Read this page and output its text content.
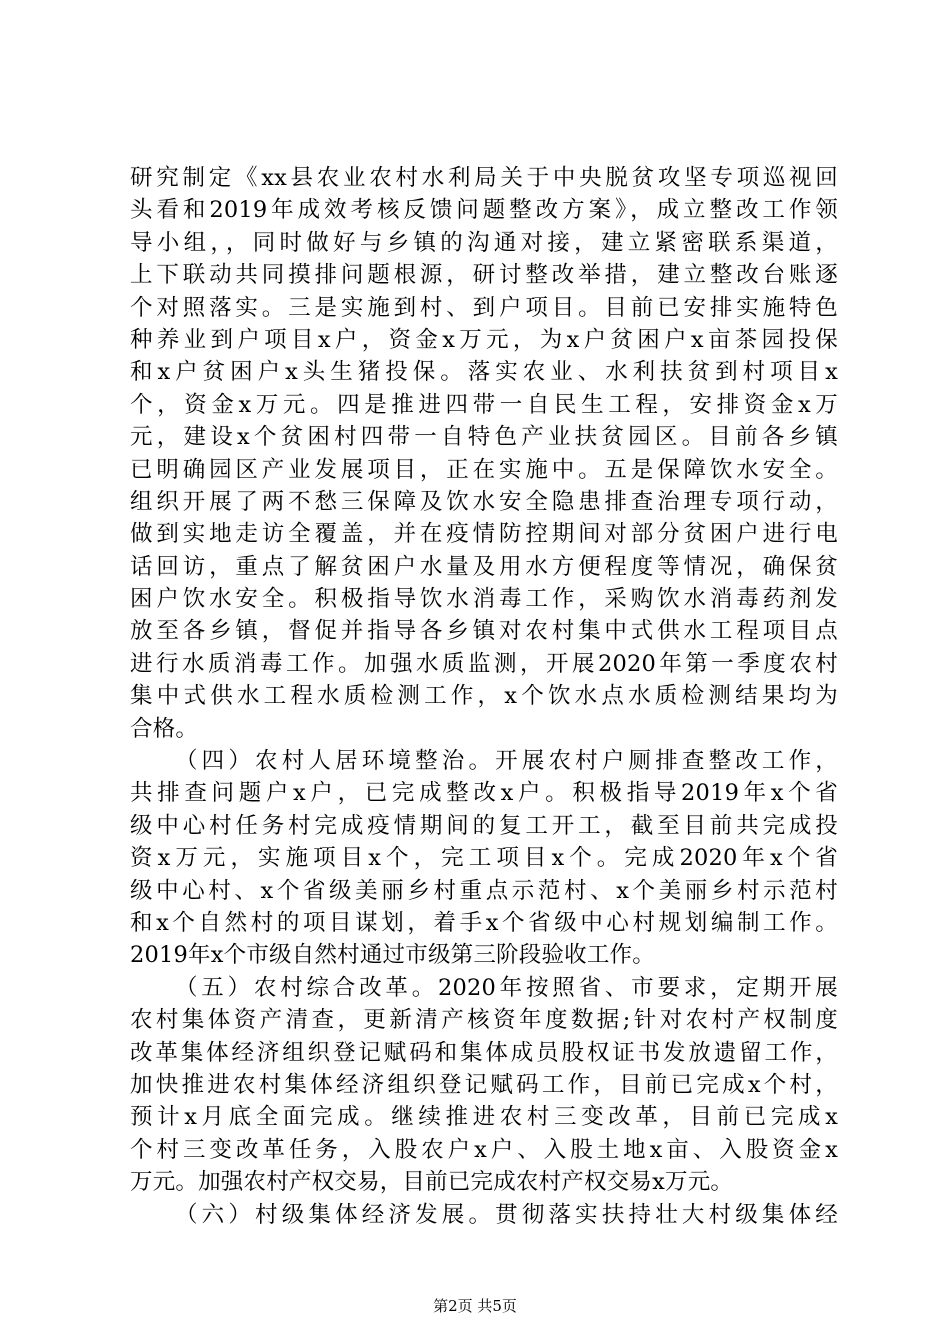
研究制定《xx县农业农村水利局关于中央脱贫攻坚专项巡视回
头看和2019年成效考核反馈问题整改方案》，成立整改工作领
导小组，，同时做好与乡镇的沟通对接，建立紧密联系渠道，
上下联动共同摸排问题根源，研讨整改举措，建立整改台账逐
个对照落实。三是实施到村、到户项目。目前已安排实施特色
种养业到户项目x户，资金x万元，为x户贫困户x亩茶园投保
和x户贫困户x头生猪投保。落实农业、水利扶贫到村项目x
个，资金x万元。四是推进四带一自民生工程，安排资金x万
元，建设x个贫困村四带一自特色产业扶贫园区。目前各乡镇
已明确园区产业发展项目，正在实施中。五是保障饮水安全。
组织开展了两不愁三保障及饮水安全隐患排查治理专项行动，
做到实地走访全覆盖，并在疫情防控期间对部分贫困户进行电
话回访，重点了解贫困户水量及用水方便程度等情况，确保贫
困户饮水安全。积极指导饮水消毒工作，采购饮水消毒药剂发
放至各乡镇，督促并指导各乡镇对农村集中式供水工程项目点
进行水质消毒工作。加强水质监测，开展2020年第一季度农村
集中式供水工程水质检测工作，x个饮水点水质检测结果均为
合格。
（四）农村人居环境整治。开展农村户厕排查整改工作，
共排查问题户x户，已完成整改x户。积极指导2019年x个省
级中心村任务村完成疫情期间的复工开工，截至目前共完成投
资x万元，实施项目x个，完工项目x个。完成2020年x个省
级中心村、x个省级美丽乡村重点示范村、x个美丽乡村示范村
和x个自然村的项目谋划，着手x个省级中心村规划编制工作。
2019年x个市级自然村通过市级第三阶段验收工作。
（五）农村综合改革。2020年按照省、市要求，定期开展
农村集体资产清查，更新清产核资年度数据;针对农村产权制度
改革集体经济组织登记赋码和集体成员股权证书发放遗留工作，
加快推进农村集体经济组织登记赋码工作，目前已完成x个村，
预计x月底全面完成。继续推进农村三变改革，目前已完成x
个村三变改革任务，入股农户x户、入股土地x亩、入股资金x
万元。加强农村产权交易，目前已完成农村产权交易x万元。
（六）村级集体经济发展。贯彻落实扶持壮大村级集体经
第2页 共5页
